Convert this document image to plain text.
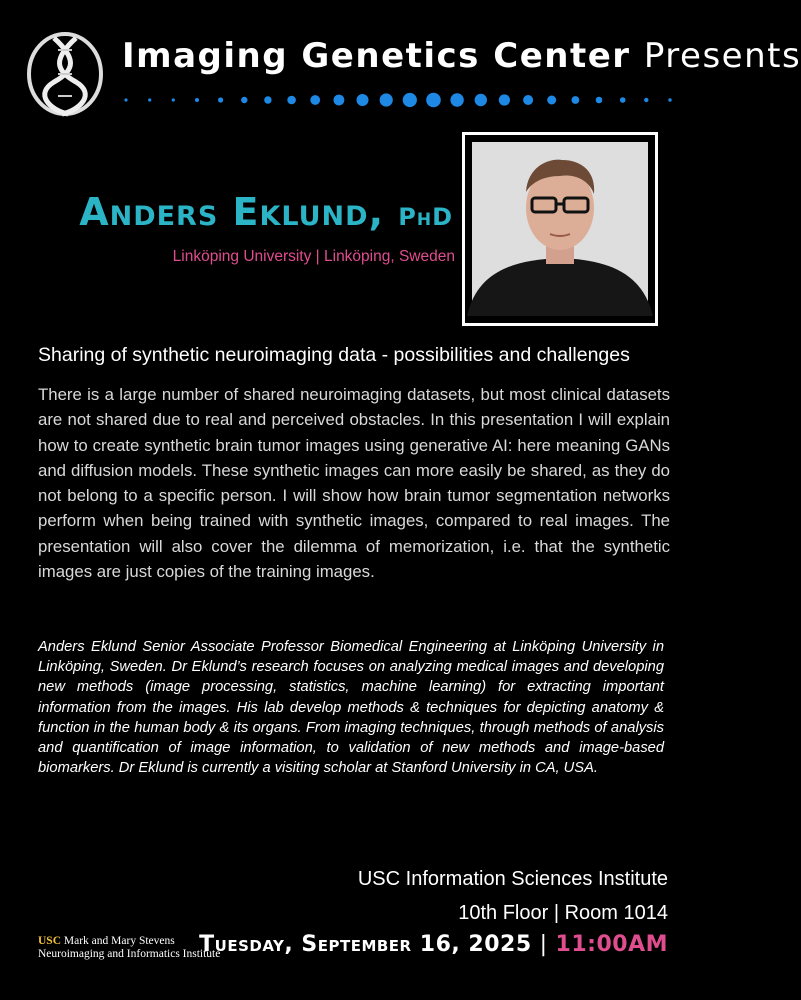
Imaging Genetics Center Presents
Anders Eklund, PhD
Linköping University | Linköping, Sweden
Sharing of synthetic neuroimaging data - possibilities and challenges

There is a large number of shared neuroimaging datasets, but most clinical datasets are not shared due to real and perceived obstacles. In this presentation I will explain how to create synthetic brain tumor images using generative AI: here meaning GANs and diffusion models. These synthetic images can more easily be shared, as they do not belong to a specific person. I will show how brain tumor segmentation networks perform when being trained with synthetic images, compared to real images. The presentation will also cover the dilemma of memorization, i.e. that the synthetic images are just copies of the training images.

Anders Eklund Senior Associate Professor Biomedical Engineering at Linköping University in Linköping, Sweden. Dr Eklund’s research focuses on analyzing medical images and developing new methods (image processing, statistics, machine learning) for extracting important information from the images. His lab develop methods & techniques for depicting anatomy & function in the human body & its organs. From imaging techniques, through methods of analysis and quantification of image information, to validation of new methods and image-based biomarkers. Dr Eklund is currently a visiting scholar at Stanford University in CA, USA.

USC Information Sciences Institute
10th Floor | Room 1014
Tuesday, September 16, 2025 | 11:00AM
USC Mark and Mary Stevens
Neuroimaging and Informatics Institute
